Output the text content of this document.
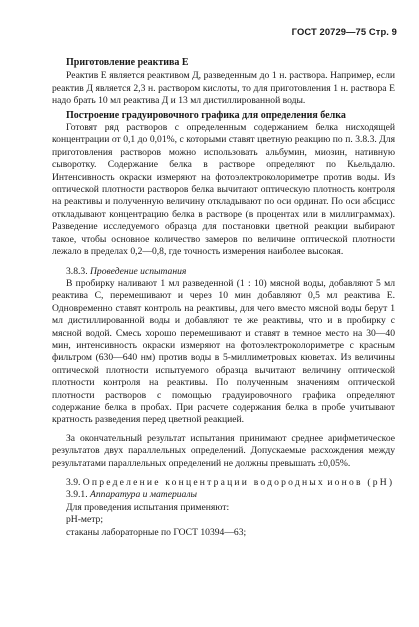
ГОСТ 20729—75 Стр. 9

Приготовление реактива Е

Реактив Е является реактивом Д, разведенным до 1 н. раствора. Например, если реактив Д является 2,3 н. раствором кислоты, то для приготовления 1 н. раствора Е надо брать 10 мл реактива Д и 13 мл дистиллированной воды.

Построение градуировочного графика для определения белка

Готовят ряд растворов с определенным содержанием белка нисходящей концентрации от 0,1 до 0,01%, с которыми ставят цветную реакцию по п. 3.8.3. Для приготовления растворов можно использовать альбумин, миозин, нативную сыворотку. Содержание белка в растворе определяют по Кьельдалю. Интенсивность окраски измеряют на фотоэлектроколориметре против воды. Из оптической плотности растворов белка вычитают оптическую плотность контроля на реактивы и полученную величину откладывают по оси ординат. По оси абсцисс откладывают концентрацию белка в растворе (в процентах или в миллиграммах). Разведение исследуемого образца для постановки цветной реакции выбирают такое, чтобы основное количество замеров по величине оптической плотности лежало в пределах 0,2—0,8, где точность измерения наиболее высокая.

3.8.3. Проведение испытания

В пробирку наливают 1 мл разведенной (1 : 10) мясной воды, добавляют 5 мл реактива С, перемешивают и через 10 мин добавляют 0,5 мл реактива Е. Одновременно ставят контроль на реактивы, для чего вместо мясной воды берут 1 мл дистиллированной воды и добавляют те же реактивы, что и в пробирку с мясной водой. Смесь хорошо перемешивают и ставят в темное место на 30—40 мин, интенсивность окраски измеряют на фотоэлектроколориметре с красным фильтром (630—640 нм) против воды в 5-миллиметровых кюветах. Из величины оптической плотности испытуемого образца вычитают величину оптической плотности контроля на реактивы. По полученным значениям оптической плотности растворов с помощью градуировочного графика определяют содержание белка в пробах. При расчете содержания белка в пробе учитывают кратность разведения перед цветной реакцией.

За окончательный результат испытания принимают среднее арифметическое результатов двух параллельных определений. Допускаемые расхождения между результатами параллельных определений не должны превышать ±0,05%.

3.9. Определение концентрации водородных ионов (рН)

3.9.1. Аппаратура и материалы

Для проведения испытания применяют:

рН-метр;

стаканы лабораторные по ГОСТ 10394—63;
